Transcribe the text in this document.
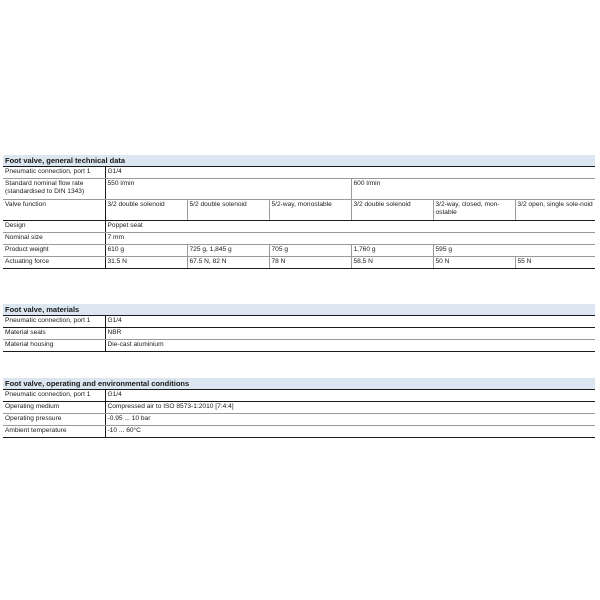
Foot valve, general technical data
Pneumatic connection, port 1	G1/4					
Standard nominal flow rate (standardised to DIN 1343)	550 l/min			600 l/min		
Valve function	3/2 double solenoid	5/2 double solenoid	5/2-way, monostable	3/2 double solenoid	3/2-way, closed, mon-ostable	3/2 open, single sole-noid
Design	Poppet seat					
Nominal size	7 mm					
Product weight	610 g	725 g, 1,845 g	705 g	1,760 g	595 g	
Actuating force	31.5 N	67.5 N, 82 N	78 N	58.5 N	50 N	55 N
Foot valve, materials
Pneumatic connection, port 1	G1/4
Material seals	NBR
Material housing	Die-cast aluminium
Foot valve, operating and environmental conditions
Pneumatic connection, port 1	G1/4
Operating medium	Compressed air to ISO 8573-1:2010 [7:4:4]
Operating pressure	-0.95 ... 10 bar
Ambient temperature	-10 ... 60°C
